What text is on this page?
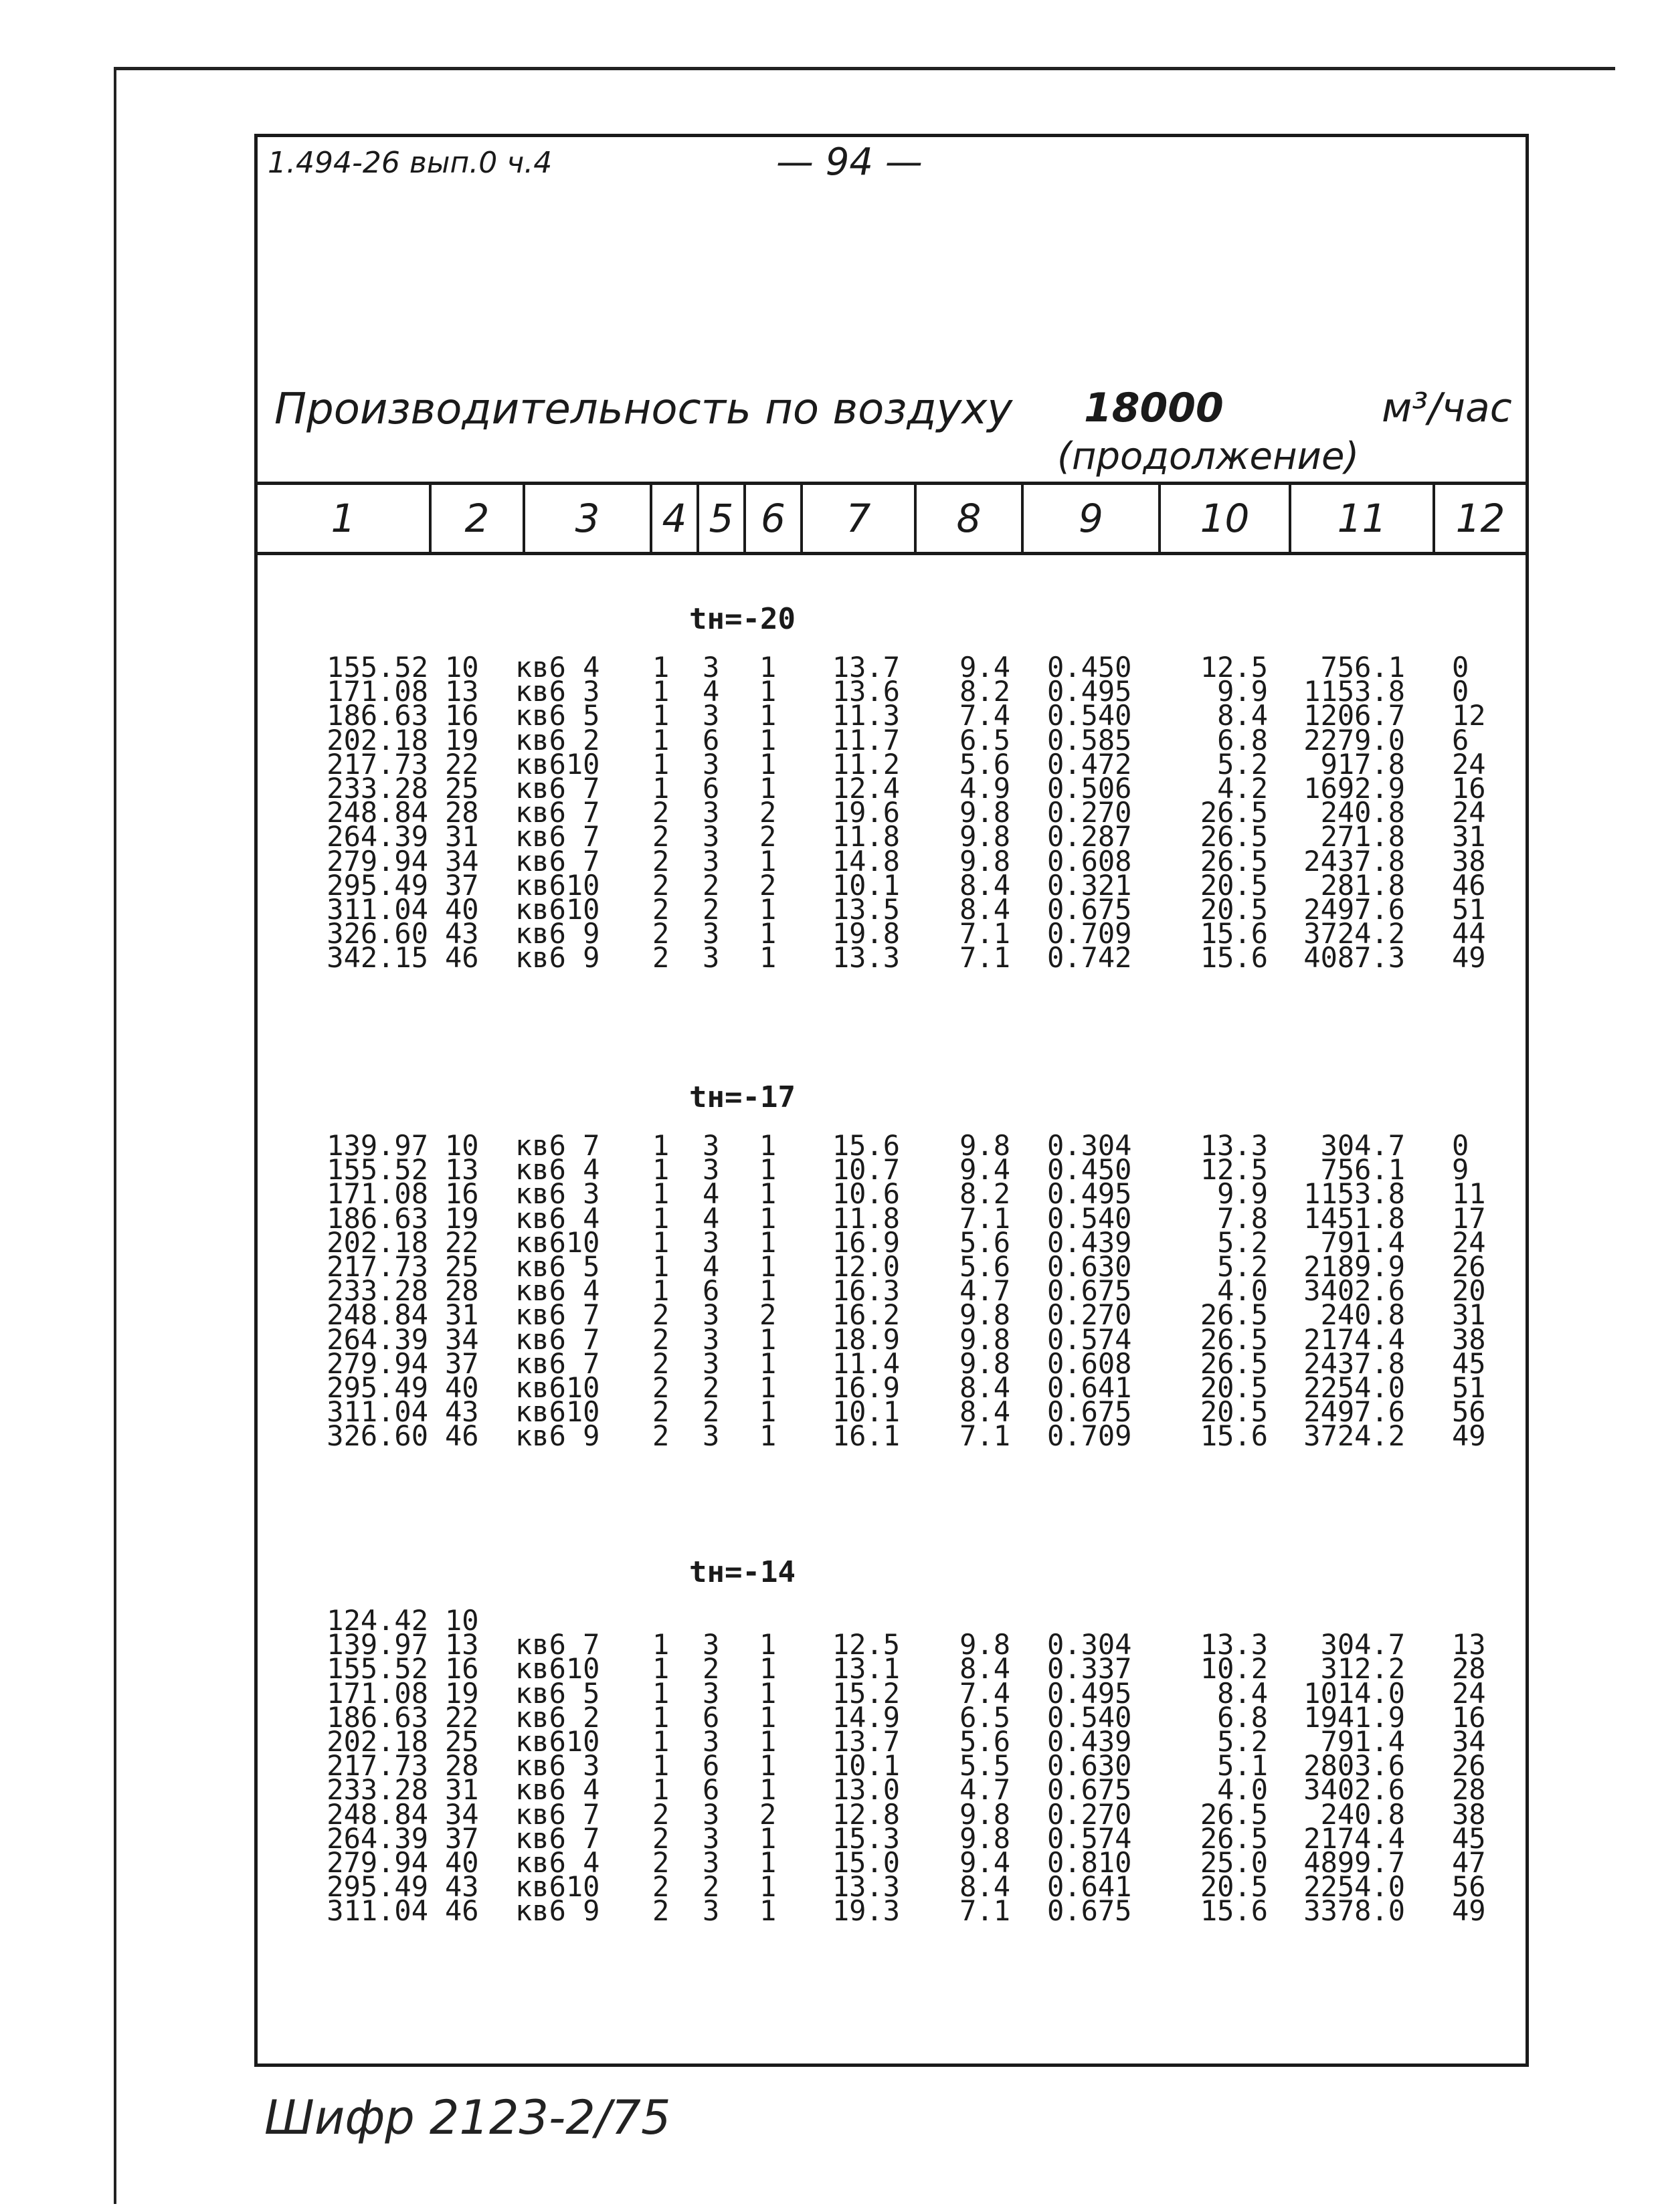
1.494-26 вып.0 ч.4	— 94 —
Производительность по воздуху 18000	м³/час
(продолжение)
1	2	3	4 5 6	7	8	9	10	11	12
tн=-20
155.52 10	кв6 4	1 3 1	13.7	9.4 0.450	12.5	756.1 0
171.08 13	кв6 3	1 4 1	13.6	8.2 0.495	9.9	1153.8 0
186.63 16	кв6 5	1 3 1	11.3	7.4 0.540	8.4	1206.7 12
202.18 19	кв6 2	1 6 1	11.7	6.5 0.585	6.8	2279.0 6
217.73 22	кв610	1 3 1	11.2	5.6 0.472	5.2	917.8 24
233.28 25	кв6 7	1 6 1	12.4	4.9 0.506	4.2	1692.9 16
248.84 28	кв6 7	2 3 2	19.6	9.8 0.270	26.5	240.8 24
264.39 31	кв6 7	2 3 2	11.8	9.8 0.287	26.5	271.8 31
279.94 34	кв6 7	2 3 1	14.8	9.8 0.608	26.5	2437.8 38
295.49 37	кв610	2 2 2	10.1	8.4 0.321	20.5	281.8 46
311.04 40	кв610	2 2 1	13.5	8.4 0.675	20.5	2497.6 51
326.60 43	кв6 9	2 3 1	19.8	7.1 0.709	15.6	3724.2 44
342.15 46	кв6 9	2 3 1	13.3	7.1 0.742	15.6	4087.3 49
tн=-17
139.97 10	кв6 7	1 3 1	15.6	9.8 0.304	13.3	304.7 0
155.52 13	кв6 4	1 3 1	10.7	9.4 0.450	12.5	756.1 9
171.08 16	кв6 3	1 4 1	10.6	8.2 0.495	9.9	1153.8 11
186.63 19	кв6 4	1 4 1	11.8	7.1 0.540	7.8	1451.8 17
202.18 22	кв610	1 3 1	16.9	5.6 0.439	5.2	791.4 24
217.73 25	кв6 5	1 4 1	12.0	5.6 0.630	5.2	2189.9 26
233.28 28	кв6 4	1 6 1	16.3	4.7 0.675	4.0	3402.6 20
248.84 31	кв6 7	2 3 2	16.2	9.8 0.270	26.5	240.8 31
264.39 34	кв6 7	2 3 1	18.9	9.8 0.574	26.5	2174.4 38
279.94 37	кв6 7	2 3 1	11.4	9.8 0.608	26.5	2437.8 45
295.49 40	кв610	2 2 1	16.9	8.4 0.641	20.5	2254.0 51
311.04 43	кв610	2 2 1	10.1	8.4 0.675	20.5	2497.6 56
326.60 46	кв6 9	2 3 1	16.1	7.1 0.709	15.6	3724.2 49
tн=-14
124.42 10
139.97 13	кв6 7	1 3 1	12.5	9.8 0.304	13.3	304.7 13
155.52 16	кв610	1 2 1	13.1	8.4 0.337	10.2	312.2 28
171.08 19	кв6 5	1 3 1	15.2	7.4 0.495	8.4	1014.0 24
186.63 22	кв6 2	1 6 1	14.9	6.5 0.540	6.8	1941.9 16
202.18 25	кв610	1 3 1	13.7	5.6 0.439	5.2	791.4 34
217.73 28	кв6 3	1 6 1	10.1	5.5 0.630	5.1	2803.6 26
233.28 31	кв6 4	1 6 1	13.0	4.7 0.675	4.0	3402.6 28
248.84 34	кв6 7	2 3 2	12.8	9.8 0.270	26.5	240.8 38
264.39 37	кв6 7	2 3 1	15.3	9.8 0.574	26.5	2174.4 45
279.94 40	кв6 4	2 3 1	15.0	9.4 0.810	25.0	4899.7 47
295.49 43	кв610	2 2 1	13.3	8.4 0.641	20.5	2254.0 56
311.04 46	кв6 9	2 3 1	19.3	7.1 0.675	15.6	3378.0 49
Шифр 2123-2/75
